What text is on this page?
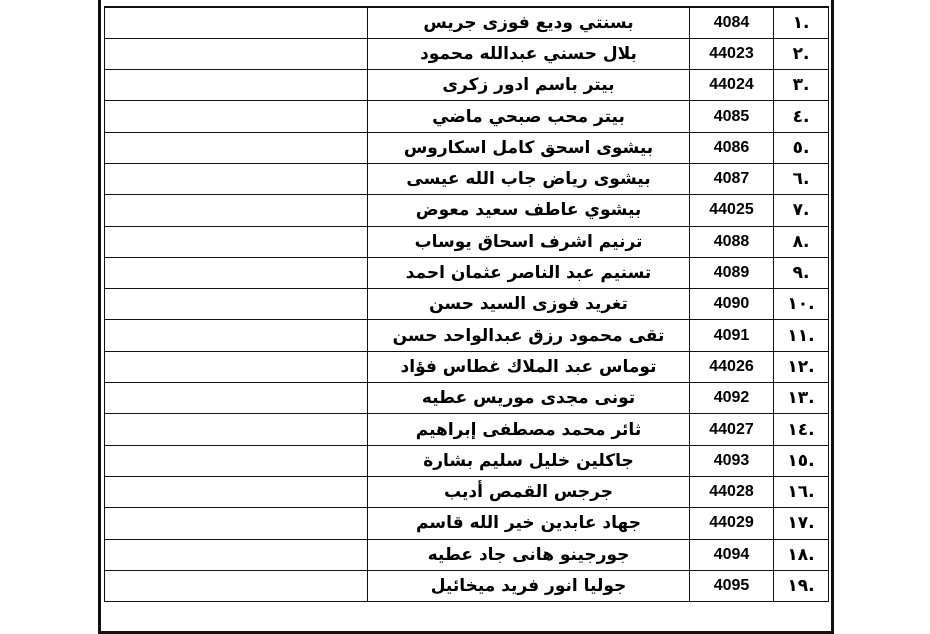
.١	4084	بسنتي وديع فوزى جريس	
.٢	44023	بلال حسني عبدالله محمود	
.٣	44024	بيتر باسم ادور زكرى	
.٤	4085	بيتر محب صبحي ماضي	
.٥	4086	بيشوى اسحق كامل اسكاروس	
.٦	4087	بيشوى رياض جاب الله عيسى	
.٧	44025	بيشوي عاطف سعيد معوض	
.٨	4088	ترنيم اشرف اسحاق يوساب	
.٩	4089	تسنيم عبد الناصر عثمان احمد	
.١٠	4090	تغريد فوزى السيد حسن	
.١١	4091	تقى محمود رزق عبدالواحد حسن	
.١٢	44026	توماس عبد الملاك غطاس فؤاد	
.١٣	4092	تونى مجدى موريس عطيه	
.١٤	44027	ثائر محمد مصطفى إبراهيم	
.١٥	4093	جاكلين خليل سليم بشارة	
.١٦	44028	جرجس القمص أديب	
.١٧	44029	جهاد عابدين خير الله قاسم	
.١٨	4094	جورجينو هانى جاد عطيه	
.١٩	4095	جوليا انور فريد ميخائيل	
